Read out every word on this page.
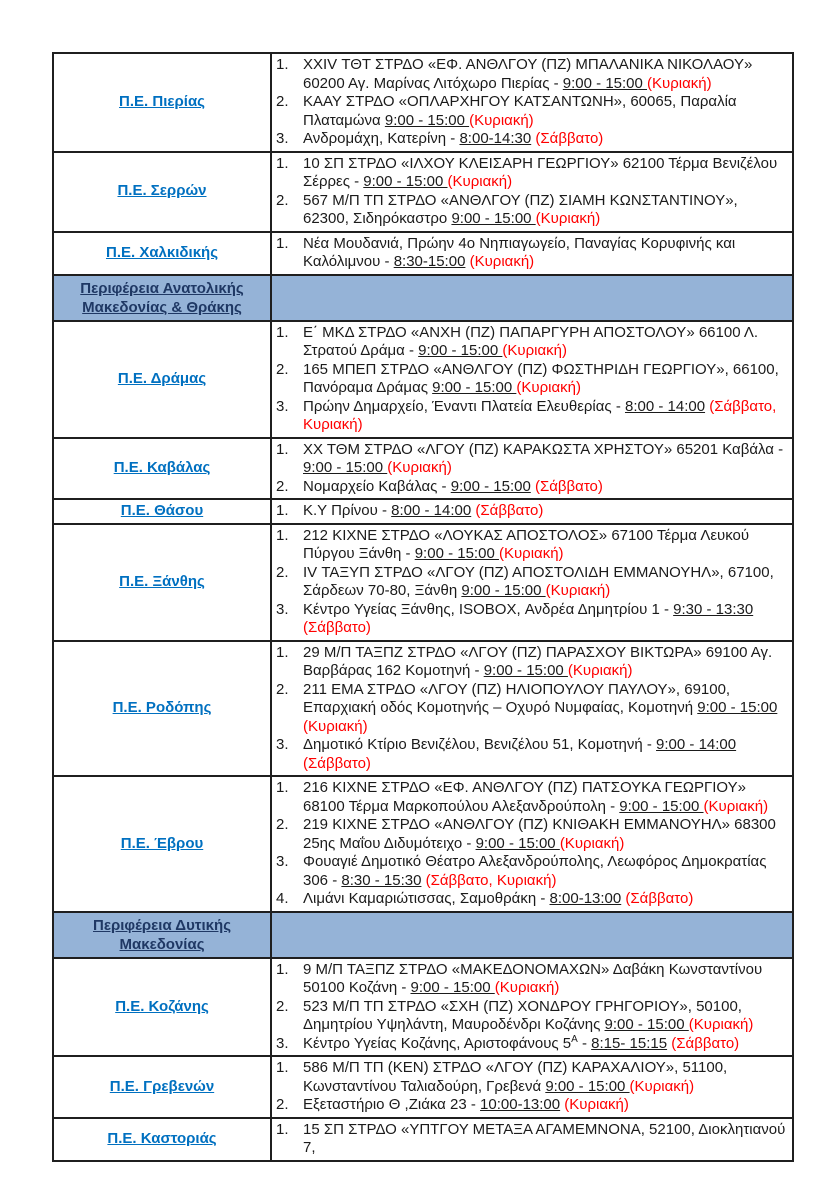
Π.Ε. Πιερίας	
1. XXIV ΤΘΤ ΣΤΡΔΟ «ΕΦ. ΑΝΘΛΓΟΥ (ΠΖ) ΜΠΑΛΑΝΙΚΑ ΝΙΚΟΛΑΟΥ» 60200 Αγ. Μαρίνας Λιτόχωρο Πιερίας - 9:00 - 15:00 (Κυριακή)
2. ΚΑΑΥ ΣΤΡΔΟ «ΟΠΛΑΡΧΗΓΟΥ ΚΑΤΣΑΝΤΩΝΗ», 60065, Παραλία Πλαταμώνα 9:00 - 15:00 (Κυριακή)
3. Ανδρομάχη, Κατερίνη - 8:00-14:30 (Σάββατο)

Π.Ε. Σερρών	1. 10 ΣΠ ΣΤΡΔΟ «ΙΛΧΟΥ ΚΛΕΙΣΑΡΗ ΓΕΩΡΓΙΟΥ» 62100 Τέρμα Βενιζέλου Σέρρες - 9:00 - 15:00 (Κυριακή)
2. 567 Μ/Π ΤΠ ΣΤΡΔΟ «ΑΝΘΛΓΟΥ (ΠΖ) ΣΙΑΜΗ ΚΩΝΣΤΑΝΤΙΝΟΥ», 62300, Σιδηρόκαστρο 9:00 - 15:00 (Κυριακή)

Π.Ε. Χαλκιδικής	1. Νέα Μουδανιά, Πρώην 4ο Νηπιαγωγείο, Παναγίας Κορυφινής και Καλόλιμνου - 8:30-15:00 (Κυριακή)

Περιφέρεια Ανατολικής Μακεδονίας & Θράκης	
Π.Ε. Δράμας	
1. Ε΄ ΜΚΔ ΣΤΡΔΟ «ΑΝΧΗ (ΠΖ) ΠΑΠΑΡΓΥΡΗ ΑΠΟΣΤΟΛΟΥ» 66100 Λ. Στρατού Δράμα - 9:00 - 15:00 (Κυριακή)
2. 165 ΜΠΕΠ ΣΤΡΔΟ «ΑΝΘΛΓΟΥ (ΠΖ) ΦΩΣΤΗΡΙΔΗ ΓΕΩΡΓΙΟΥ», 66100, Πανόραμα Δράμας 9:00 - 15:00 (Κυριακή)
3. Πρώην Δημαρχείο, Έναντι Πλατεία Ελευθερίας - 8:00 - 14:00 (Σάββατο, Κυριακή)

Π.Ε. Καβάλας	1. ΧΧ ΤΘΜ ΣΤΡΔΟ «ΛΓΟΥ (ΠΖ) ΚΑΡΑΚΩΣΤΑ ΧΡΗΣΤΟΥ» 65201 Καβάλα - 9:00 - 15:00 (Κυριακή)
2. Νομαρχείο Καβάλας - 9:00 - 15:00 (Σάββατο)

Π.Ε. Θάσου	1. Κ.Υ Πρίνου - 8:00 - 14:00 (Σάββατο)

Π.Ε. Ξάνθης	
1. 212 ΚΙΧΝΕ ΣΤΡΔΟ «ΛΟΥΚΑΣ ΑΠΟΣΤΟΛΟΣ» 67100 Τέρμα Λευκού Πύργου Ξάνθη - 9:00 - 15:00 (Κυριακή)
2. IV ΤΑΞΥΠ ΣΤΡΔΟ «ΛΓΟΥ (ΠΖ) ΑΠΟΣΤΟΛΙΔΗ ΕΜΜΑΝΟΥΗΛ», 67100, Σάρδεων 70-80, Ξάνθη 9:00 - 15:00 (Κυριακή)
3. Κέντρο Υγείας Ξάνθης, ISOBOX, Ανδρέα Δημητρίου 1 - 9:30 - 13:30 (Σάββατο)

Π.Ε. Ροδόπης	
1. 29 Μ/Π ΤΑΞΠΖ ΣΤΡΔΟ «ΛΓΟΥ (ΠΖ) ΠΑΡΑΣΧΟΥ ΒΙΚΤΩΡΑ» 69100 Αγ. Βαρβάρας 162 Κομοτηνή - 9:00 - 15:00 (Κυριακή)
2. 211 ΕΜΑ ΣΤΡΔΟ «ΛΓΟΥ (ΠΖ) ΗΛΙΟΠΟΥΛΟΥ ΠΑΥΛΟΥ», 69100, Επαρχιακή οδός Κομοτηνής – Οχυρό Νυμφαίας, Κομοτηνή 9:00 - 15:00 (Κυριακή)
3. Δημοτικό Κτίριο Βενιζέλου, Βενιζέλου 51, Κομοτηνή - 9:00 - 14:00 (Σάββατο)

Π.Ε. Έβρου	
1. 216 ΚΙΧΝΕ ΣΤΡΔΟ «ΕΦ. ΑΝΘΛΓΟΥ (ΠΖ) ΠΑΤΣΟΥΚΑ ΓΕΩΡΓΙΟΥ» 68100 Τέρμα Μαρκοπούλου Αλεξανδρούπολη - 9:00 - 15:00 (Κυριακή)
2. 219 ΚΙΧΝΕ ΣΤΡΔΟ «ΑΝΘΛΓΟΥ (ΠΖ) ΚΝΙΘΑΚΗ ΕΜΜΑΝΟΥΗΛ» 68300 25ης Μαΐου Διδυμότειχο - 9:00 - 15:00 (Κυριακή)
3. Φουαγιέ Δημοτικό Θέατρο Αλεξανδρούπολης, Λεωφόρος Δημοκρατίας 306 - 8:30 - 15:30 (Σάββατο, Κυριακή)
4. Λιμάνι Καμαριώτισσας, Σαμοθράκη - 8:00-13:00 (Σάββατο)

Περιφέρεια Δυτικής Μακεδονίας	
Π.Ε. Κοζάνης	
1. 9 Μ/Π ΤΑΞΠΖ ΣΤΡΔΟ «ΜΑΚΕΔΟΝΟΜΑΧΩΝ» Δαβάκη Κωνσταντίνου 50100 Κοζάνη - 9:00 - 15:00 (Κυριακή)
2. 523 Μ/Π ΤΠ ΣΤΡΔΟ «ΣΧΗ (ΠΖ) ΧΟΝΔΡΟΥ ΓΡΗΓΟΡΙΟΥ», 50100, Δημητρίου Υψηλάντη, Μαυροδένδρι Κοζάνης 9:00 - 15:00 (Κυριακή)
3. Κέντρο Υγείας Κοζάνης, Αριστοφάνους $5^A$ - 8:15- 15:15 (Σάββατο)

Π.Ε. Γρεβενών	1. 586 Μ/Π ΤΠ (ΚΕΝ) ΣΤΡΔΟ «ΛΓΟΥ (ΠΖ) ΚΑΡΑΧΑΛΙΟΥ», 51100, Κωνσταντίνου Ταλιαδούρη, Γρεβενά 9:00 - 15:00 (Κυριακή)
2. Εξεταστήριο Θ ,Ζιάκα 23 - 10:00-13:00 (Κυριακή)

Π.Ε. Καστοριάς	1. 15 ΣΠ ΣΤΡΔΟ «ΥΠΤΓΟΥ ΜΕΤΑΞΑ ΑΓΑΜΕΜΝΟΝΑ, 52100, Διοκλητιανού 7,
